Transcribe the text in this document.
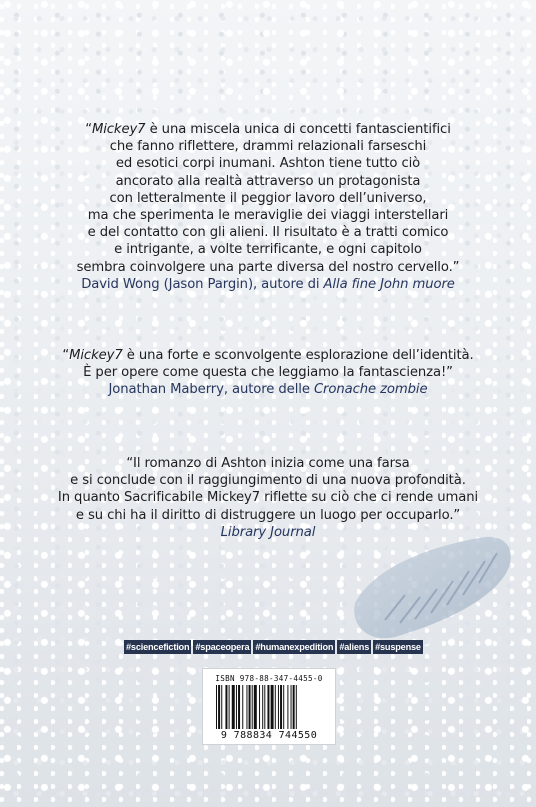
“Mickey7 è una miscela unica di concetti fantascientifici
che fanno riflettere, drammi relazionali farseschi
ed esotici corpi inumani. Ashton tiene tutto ciò
ancorato alla realtà attraverso un protagonista
con letteralmente il peggior lavoro dell’universo,
ma che sperimenta le meraviglie dei viaggi interstellari
e del contatto con gli alieni. Il risultato è a tratti comico
e intrigante, a volte terrificante, e ogni capitolo
sembra coinvolgere una parte diversa del nostro cervello.”
David Wong (Jason Pargin), autore di Alla fine John muore
“Mickey7 è una forte e sconvolgente esplorazione dell’identità.
È per opere come questa che leggiamo la fantascienza!”
Jonathan Maberry, autore delle Cronache zombie
“Il romanzo di Ashton inizia come una farsa
e si conclude con il raggiungimento di una nuova profondità.
In quanto Sacrificabile Mickey7 riflette su ciò che ci rende umani
e su chi ha il diritto di distruggere un luogo per occuparlo.”
Library Journal
#sciencefiction #spaceopera #humanexpedition #aliens #suspense
ISBN 978-88-347-4455-0
9 788834 744550
